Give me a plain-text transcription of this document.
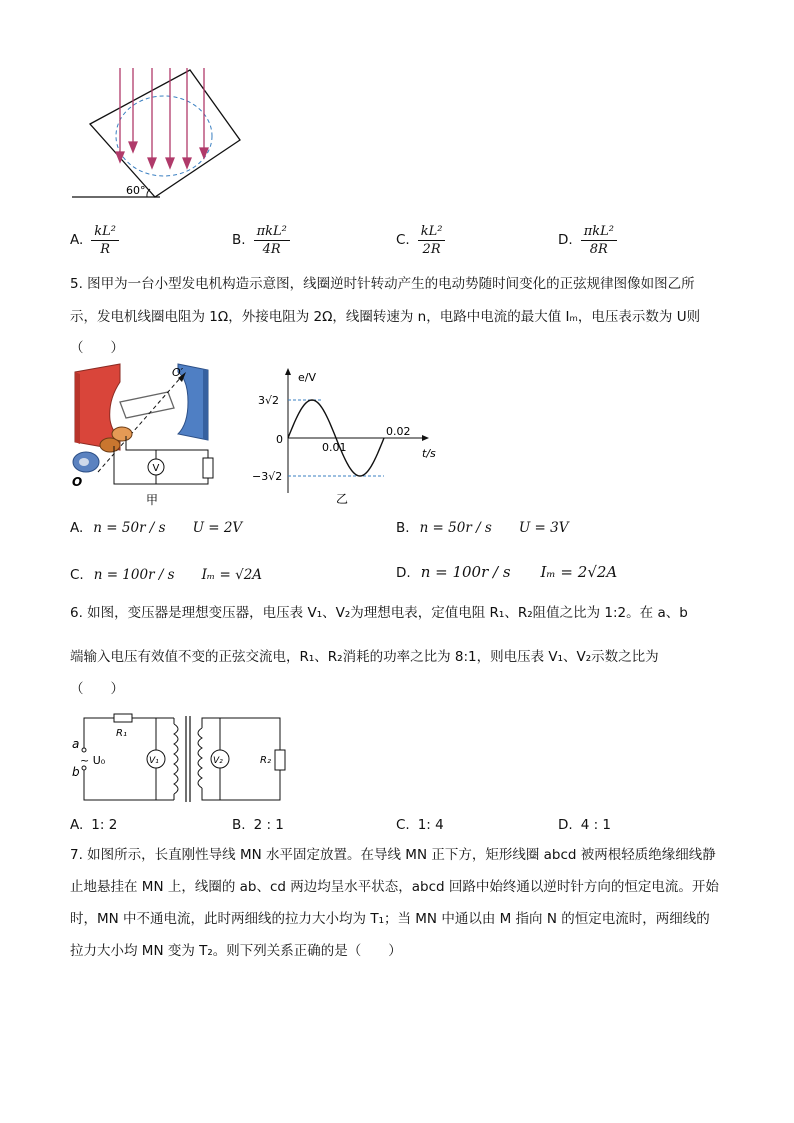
60°
A. $\frac{\text{kL²}}{R}$	B. $\frac{\text{πkL²}}{4R}$	C. $\frac{\text{kL²}}{2R}$	D. $\frac{\text{πkL²}}{8R}$
5. 图甲为一台小型发电机构造示意图，线圈逆时针转动产生的电动势随时间变化的正弦规律图像如图乙所
示，发电机线圈电阻为 1Ω，外接电阻为 2Ω，线圈转速为 n，电路中电流的最大值 Iₘ，电压表示数为 U则
（　　）
V
O
O′
甲
e/V
t/s
0
3√2
−3√2
0.01
0.02
乙
A. n = 50r / s　　U = 2V	B. n = 50r / s　　U = 3V
C. n = 100r / s　　Iₘ = √2A	D. n = 100r / s　　Iₘ = 2√2A
6. 如图，变压器是理想变压器，电压表 V₁、V₂为理想电表，定值电阻 R₁、R₂阻值之比为 1:2。在 a、b
端输入电压有效值不变的正弦交流电，R₁、R₂消耗的功率之比为 8:1，则电压表 V₁、V₂示数之比为
（　　）
a
b
~ U₀
R₁
V₁	V₂	R₂
A. 1: 2	B. 2 : 1	C. 1: 4	D. 4 : 1
7. 如图所示，长直刚性导线 MN 水平固定放置。在导线 MN 正下方，矩形线圈 abcd 被两根轻质绝缘细线静
止地悬挂在 MN 上，线圈的 ab、cd 两边均呈水平状态，abcd 回路中始终通以逆时针方向的恒定电流。开始
时，MN 中不通电流，此时两细线的拉力大小均为 T₁；当 MN 中通以由 M 指向 N 的恒定电流时，两细线的
拉力大小均 MN 变为 T₂。则下列关系正确的是（　　）
